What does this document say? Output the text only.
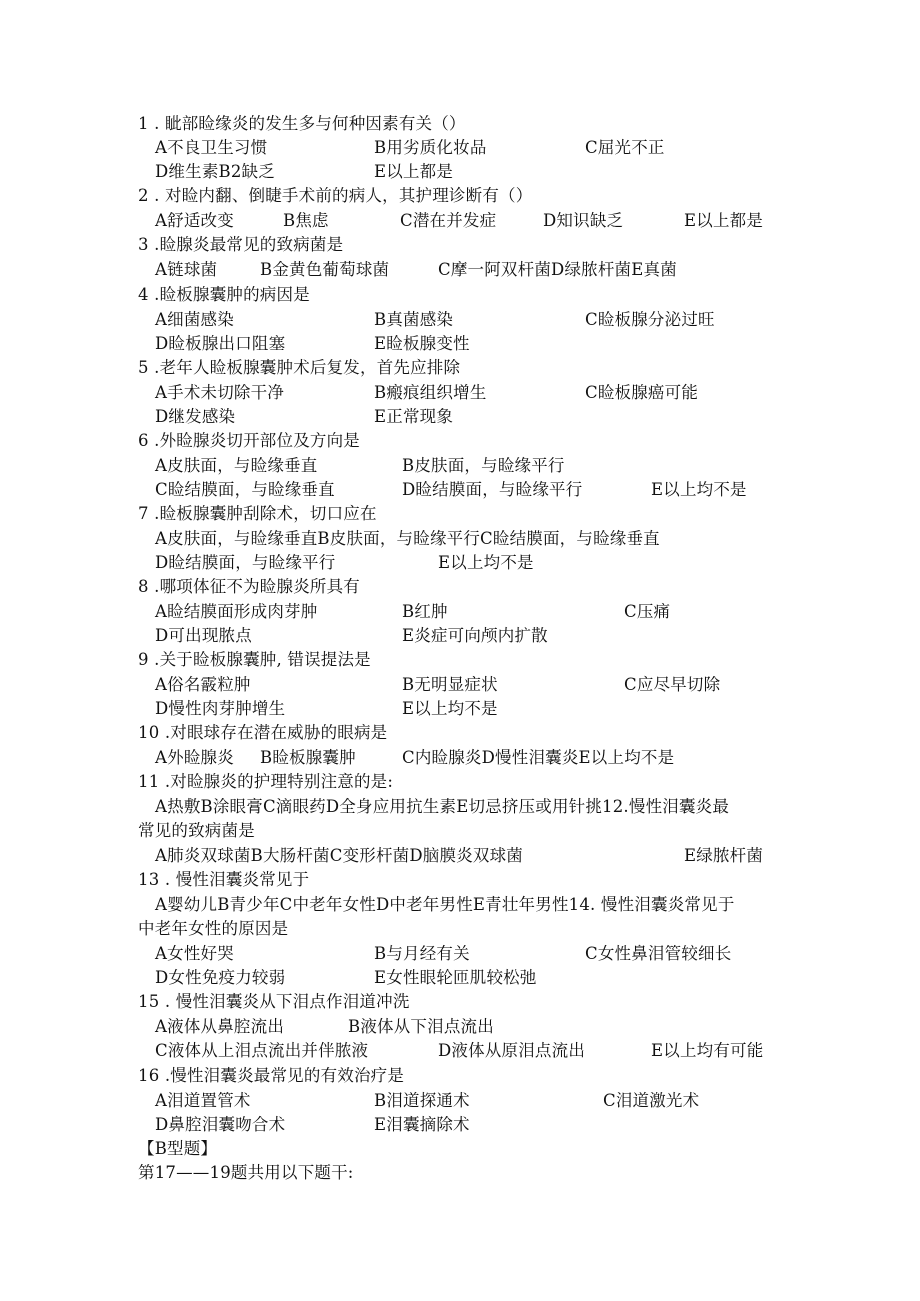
1 . 眦部睑缘炎的发生多与何种因素有关（）
A不良卫生习惯	B用劣质化妆品	C屈光不正
D维生素B2缺乏	E以上都是
2 . 对睑内翻、倒睫手术前的病人，其护理诊断有（）
A舒适改变	B焦虑	C潜在并发症	D知识缺乏	E以上都是
3 .睑腺炎最常见的致病菌是
A链球菌	B金黄色葡萄球菌	C摩一阿双杆菌D绿脓杆菌E真菌
4 .睑板腺囊肿的病因是
A细菌感染	B真菌感染	C睑板腺分泌过旺
D睑板腺出口阻塞	E睑板腺变性
5 .老年人睑板腺囊肿术后复发，首先应排除
A手术未切除干净	B瘢痕组织增生	C睑板腺癌可能
D继发感染	E正常现象
6 .外睑腺炎切开部位及方向是
A皮肤面，与睑缘垂直	B皮肤面，与睑缘平行
C睑结膜面，与睑缘垂直	D睑结膜面，与睑缘平行	E以上均不是
7 .睑板腺囊肿刮除术，切口应在
A皮肤面，与睑缘垂直B皮肤面，与睑缘平行C睑结膜面，与睑缘垂直
D睑结膜面，与睑缘平行	E以上均不是
8 .哪项体征不为睑腺炎所具有
A睑结膜面形成肉芽肿	B红肿	C压痛
D可出现脓点	E炎症可向颅内扩散
9 .关于睑板腺囊肿, 错误提法是
A俗名霰粒肿	B无明显症状	C应尽早切除
D慢性肉芽肿增生	E以上均不是
10 .对眼球存在潜在威胁的眼病是
A外睑腺炎 B睑板腺囊肿	C内睑腺炎D慢性泪囊炎E以上均不是
11 .对睑腺炎的护理特别注意的是:
A热敷B涂眼膏C滴眼药D全身应用抗生素E切忌挤压或用针挑12.慢性泪囊炎最
常见的致病菌是
A肺炎双球菌B大肠杆菌C变形杆菌D脑膜炎双球菌	E绿脓杆菌
13 . 慢性泪囊炎常见于
A婴幼儿B青少年C中老年女性D中老年男性E青壮年男性14. 慢性泪囊炎常见于
中老年女性的原因是
A女性好哭	B与月经有关	C女性鼻泪管较细长
D女性免疫力较弱	E女性眼轮匝肌较松弛
15 . 慢性泪囊炎从下泪点作泪道冲洗
A液体从鼻腔流出	B液体从下泪点流出
C液体从上泪点流出并伴脓液	D液体从原泪点流出	E以上均有可能
16 .慢性泪囊炎最常见的有效治疗是
A泪道置管术	B泪道探通术	C泪道激光术
D鼻腔泪囊吻合术	E泪囊摘除术
【B型题】
第17——19题共用以下题干:
